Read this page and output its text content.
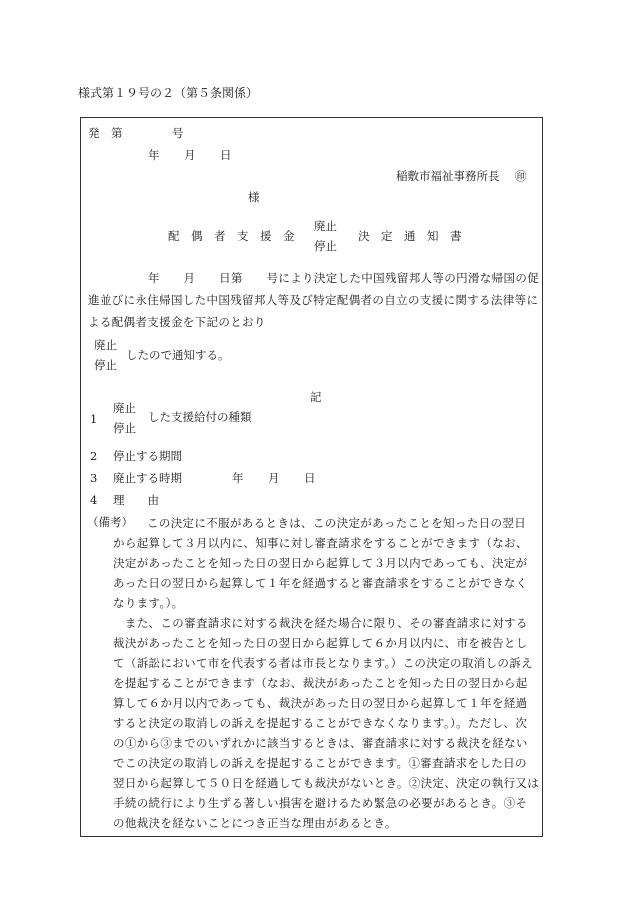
様式第１９号の２（第５条関係）
発　第	号
年 月 日
稲敷市福祉事務所長 ㊞
様
配　偶　者　支　援　金
廃止
停止
決　定　通　知　書
年　　月　　日第　　号により決定した中国残留邦人等の円滑な帰国の促
進並びに永住帰国した中国残留邦人等及び特定配偶者の自立の支援に関する法律等に
よる配偶者支援金を下記のとおり
廃止
停止
したので通知する。
記
1
廃止
停止
した支援給付の種類
2 停止する期間
3 廃止する時期	年 月 日
4 理　　由
（備考） この決定に不服があるときは、この決定があったことを知った日の翌日
から起算して３月以内に、知事に対し審査請求をすることができます（なお、
決定があったことを知った日の翌日から起算して３月以内であっても、決定が
あった日の翌日から起算して１年を経過すると審査請求をすることができなく
なります。）。
　また、この審査請求に対する裁決を経た場合に限り、その審査請求に対する
裁決があったことを知った日の翌日から起算して６か月以内に、市を被告とし
て（訴訟において市を代表する者は市長となります。）この決定の取消しの訴え
を提起することができます（なお、裁決があったことを知った日の翌日から起
算して６か月以内であっても、裁決があった日の翌日から起算して１年を経過
すると決定の取消しの訴えを提起することができなくなります。）。ただし、次
の①から③までのいずれかに該当するときは、審査請求に対する裁決を経ない
でこの決定の取消しの訴えを提起することができます。①審査請求をした日の
翌日から起算して５０日を経過しても裁決がないとき。②決定、決定の執行又は
手続の続行により生ずる著しい損害を避けるため緊急の必要があるとき。③そ
の他裁決を経ないことにつき正当な理由があるとき。
